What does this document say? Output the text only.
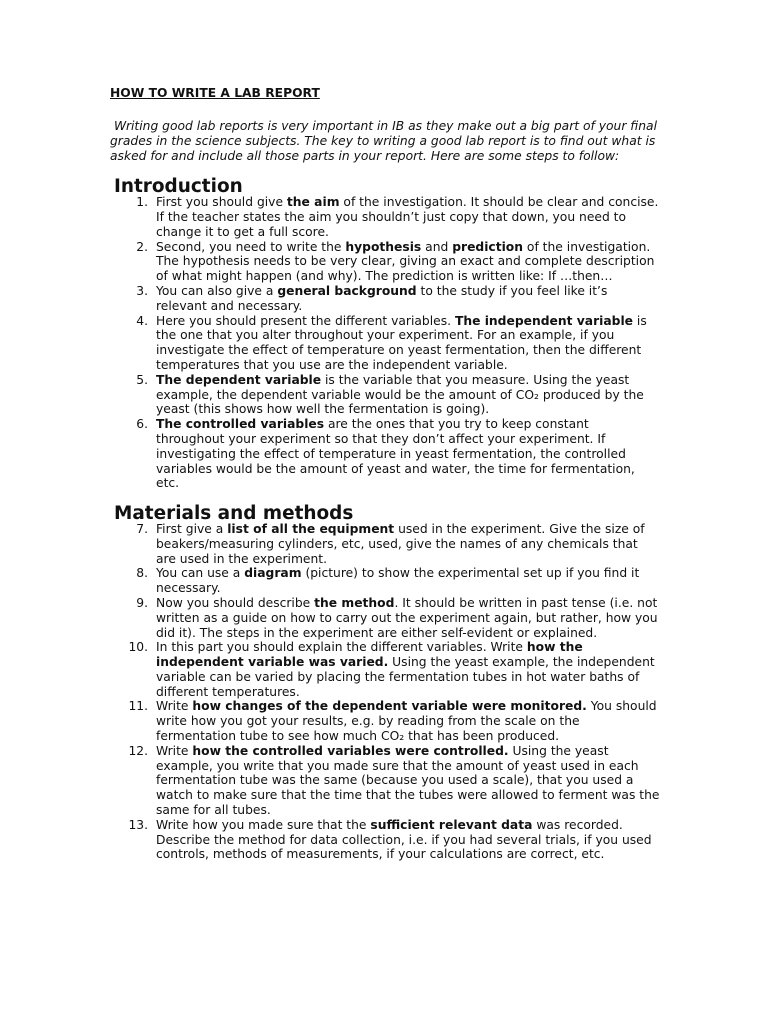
HOW TO WRITE A LAB REPORT

Writing good lab reports is very important in IB as they make out a big part of your final grades in the science subjects. The key to writing a good lab report is to find out what is asked for and include all those parts in your report. Here are some steps to follow:

Introduction
1. First you should give the aim of the investigation. It should be clear and concise. If the teacher states the aim you shouldn’t just copy that down, you need to change it to get a full score.
2. Second, you need to write the hypothesis and prediction of the investigation. The hypothesis needs to be very clear, giving an exact and complete description of what might happen (and why). The prediction is written like: If …then…
3. You can also give a general background to the study if you feel like it’s relevant and necessary.
4. Here you should present the different variables. The independent variable is the one that you alter throughout your experiment. For an example, if you investigate the effect of temperature on yeast fermentation, then the different temperatures that you use are the independent variable.
5. The dependent variable is the variable that you measure. Using the yeast example, the dependent variable would be the amount of CO₂ produced by the yeast (this shows how well the fermentation is going).
6. The controlled variables are the ones that you try to keep constant throughout your experiment so that they don’t affect your experiment. If investigating the effect of temperature in yeast fermentation, the controlled variables would be the amount of yeast and water, the time for fermentation, etc.
Materials and methods
7. First give a list of all the equipment used in the experiment. Give the size of beakers/measuring cylinders, etc, used, give the names of any chemicals that are used in the experiment.
8. You can use a diagram (picture) to show the experimental set up if you find it necessary.
9. Now you should describe the method. It should be written in past tense (i.e. not written as a guide on how to carry out the experiment again, but rather, how you did it). The steps in the experiment are either self-evident or explained.
10. In this part you should explain the different variables. Write how the independent variable was varied. Using the yeast example, the independent variable can be varied by placing the fermentation tubes in hot water baths of different temperatures.
11. Write how changes of the dependent variable were monitored. You should write how you got your results, e.g. by reading from the scale on the fermentation tube to see how much CO₂ that has been produced.
12. Write how the controlled variables were controlled. Using the yeast example, you write that you made sure that the amount of yeast used in each fermentation tube was the same (because you used a scale), that you used a watch to make sure that the time that the tubes were allowed to ferment was the same for all tubes.
13. Write how you made sure that the sufficient relevant data was recorded. Describe the method for data collection, i.e. if you had several trials, if you used controls, methods of measurements, if your calculations are correct, etc.
